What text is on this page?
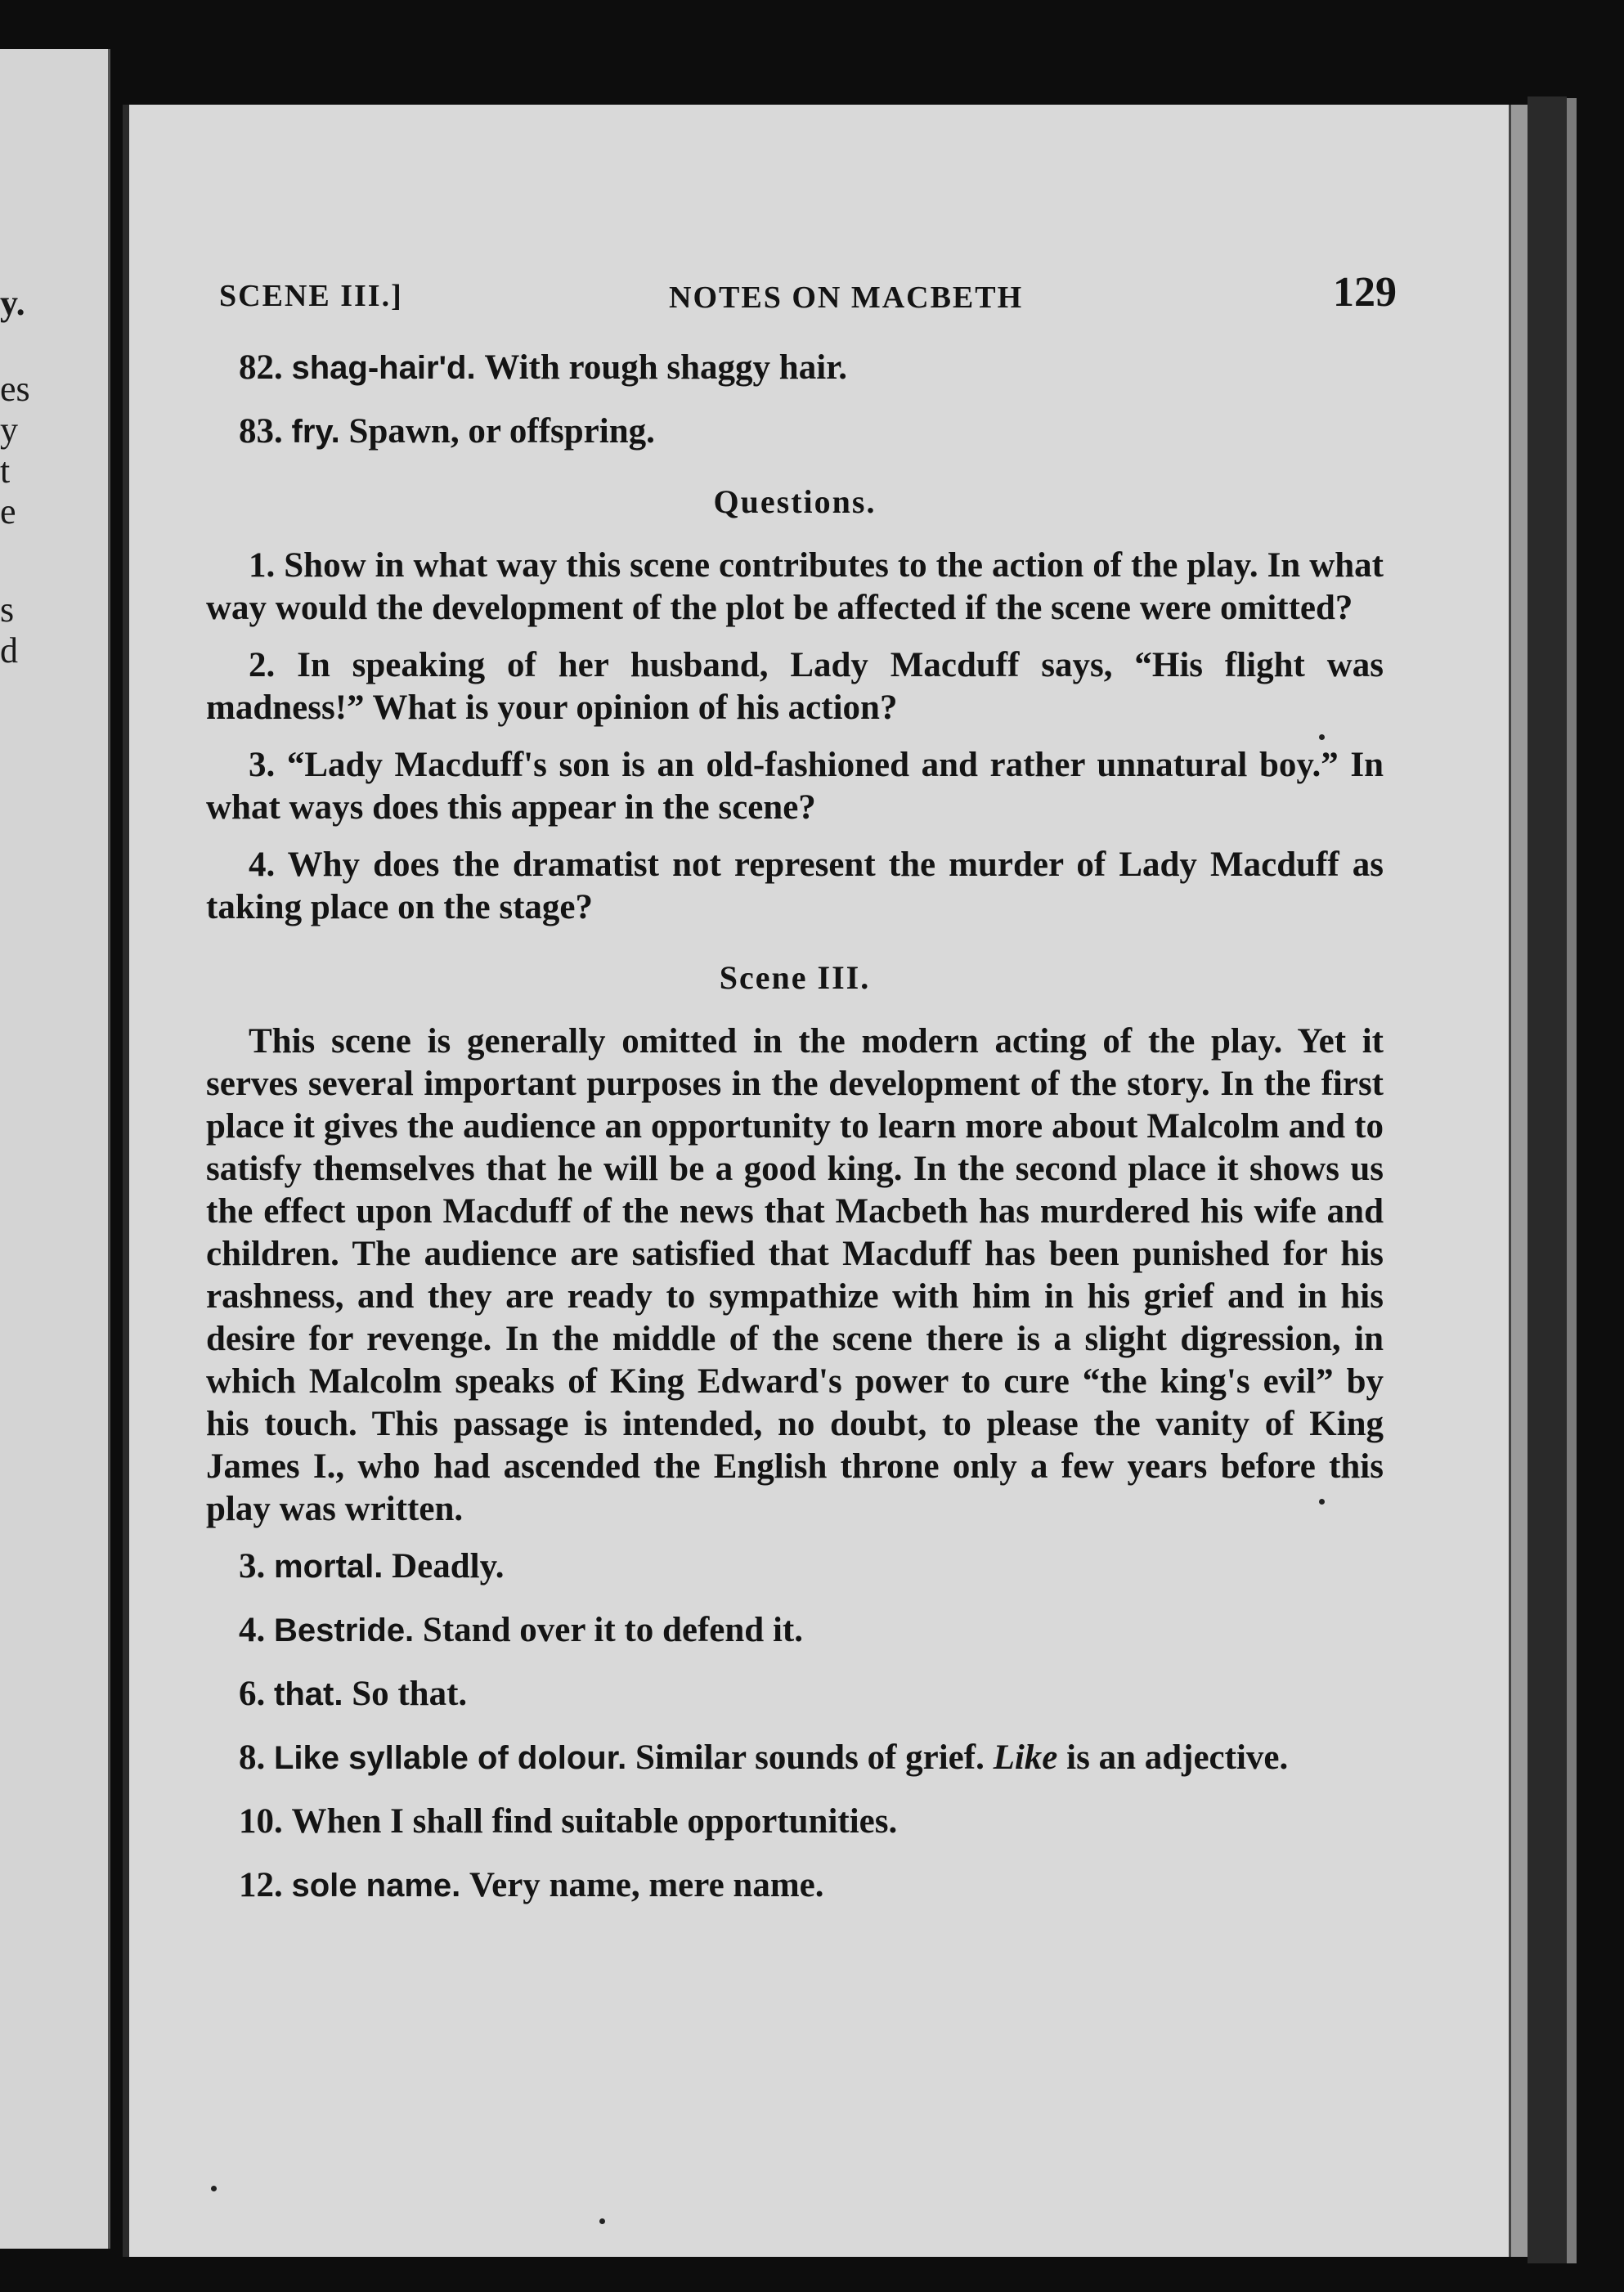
y.
es
y
t
e
s
d
SCENE III.]	NOTES ON MACBETH	129

82. shag-hair'd. With rough shaggy hair.

83. fry. Spawn, or offspring.

Questions.

1. Show in what way this scene contributes to the action of the play. In what way would the development of the plot be affected if the scene were omitted?

2. In speaking of her husband, Lady Macduff says, “His flight was madness!” What is your opinion of his action?

3. “Lady Macduff's son is an old-fashioned and rather unnatural boy.” In what ways does this appear in the scene?

4. Why does the dramatist not represent the murder of Lady Macduff as taking place on the stage?

Scene III.

This scene is generally omitted in the modern acting of the play. Yet it serves several important purposes in the development of the story. In the first place it gives the audience an opportunity to learn more about Malcolm and to satisfy themselves that he will be a good king. In the second place it shows us the effect upon Macduff of the news that Macbeth has murdered his wife and children. The audience are satisfied that Macduff has been punished for his rashness, and they are ready to sympathize with him in his grief and in his desire for revenge. In the middle of the scene there is a slight digression, in which Malcolm speaks of King Edward's power to cure “the king's evil” by his touch. This passage is intended, no doubt, to please the vanity of King James I., who had ascended the English throne only a few years before this play was written.

3. mortal. Deadly.

4. Bestride. Stand over it to defend it.

6. that. So that.

8. Like syllable of dolour. Similar sounds of grief. Like is an adjective.

10. When I shall find suitable opportunities.

12. sole name. Very name, mere name.
